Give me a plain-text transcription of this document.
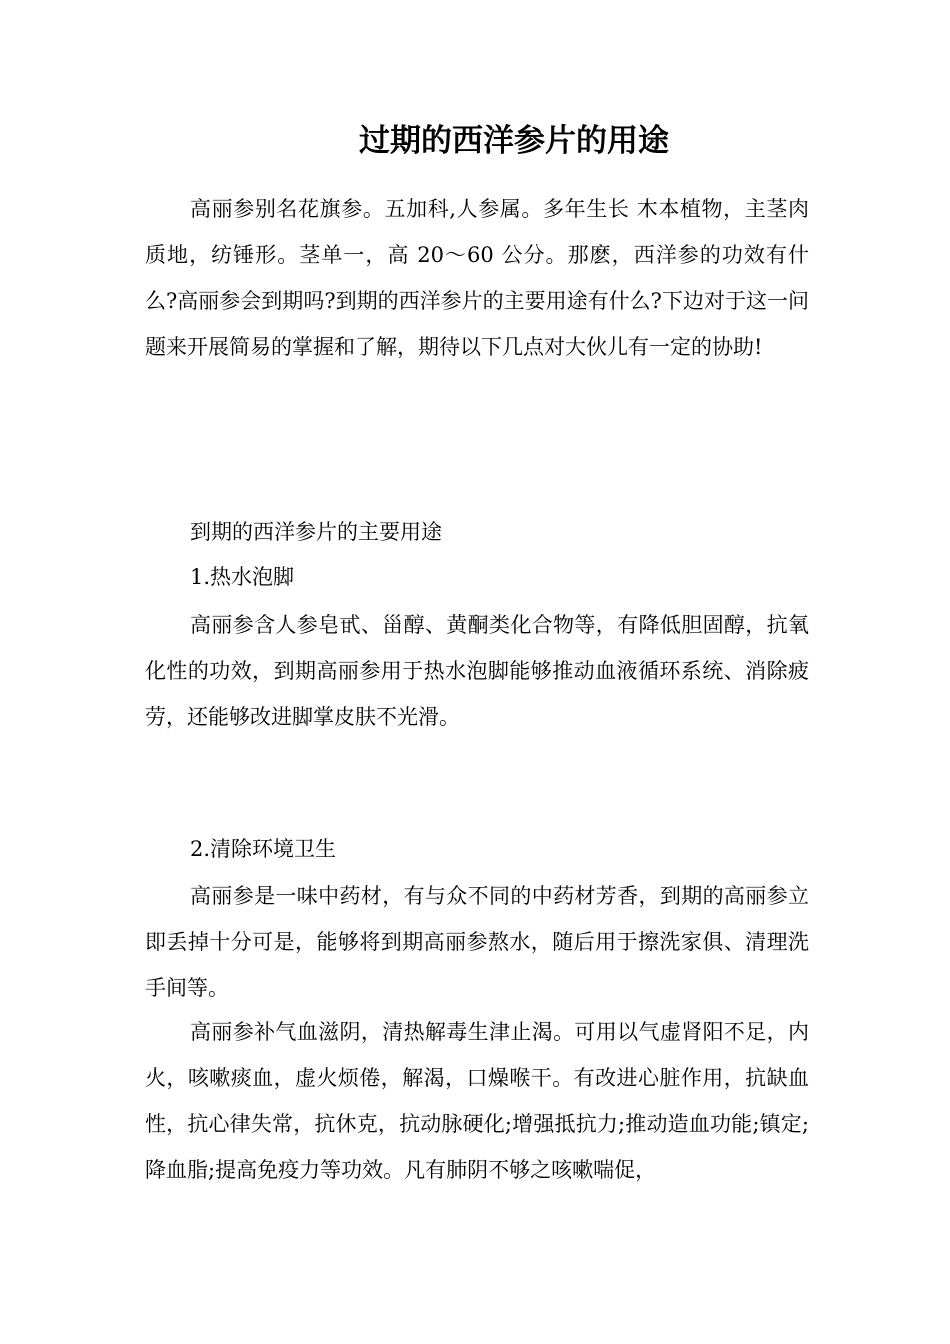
过期的西洋参片的用途

高丽参别名花旗参。五加科,人参属。多年生长 木本植物，主茎肉质地，纺锤形。茎单一，高 20～60 公分。那麽，西洋参的功效有什么?高丽参会到期吗?到期的西洋参片的主要用途有什么?下边对于这一问题来开展简易的掌握和了解，期待以下几点对大伙儿有一定的协助!

到期的西洋参片的主要用途

1.热水泡脚

高丽参含人参皂甙、甾醇、黄酮类化合物等，有降低胆固醇，抗氧化性的功效，到期高丽参用于热水泡脚能够推动血液循环系统、消除疲劳，还能够改进脚掌皮肤不光滑。

2.清除环境卫生

高丽参是一味中药材，有与众不同的中药材芳香，到期的高丽参立即丢掉十分可是，能够将到期高丽参熬水，随后用于擦洗家俱、清理洗手间等。

高丽参补气血滋阴，清热解毒生津止渴。可用以气虚肾阳不足，内火，咳嗽痰血，虚火烦倦，解渴，口燥喉干。有改进心脏作用，抗缺血性，抗心律失常，抗休克，抗动脉硬化;增强抵抗力;推动造血功能;镇定;降血脂;提高免疫力等功效。凡有肺阴不够之咳嗽喘促，
